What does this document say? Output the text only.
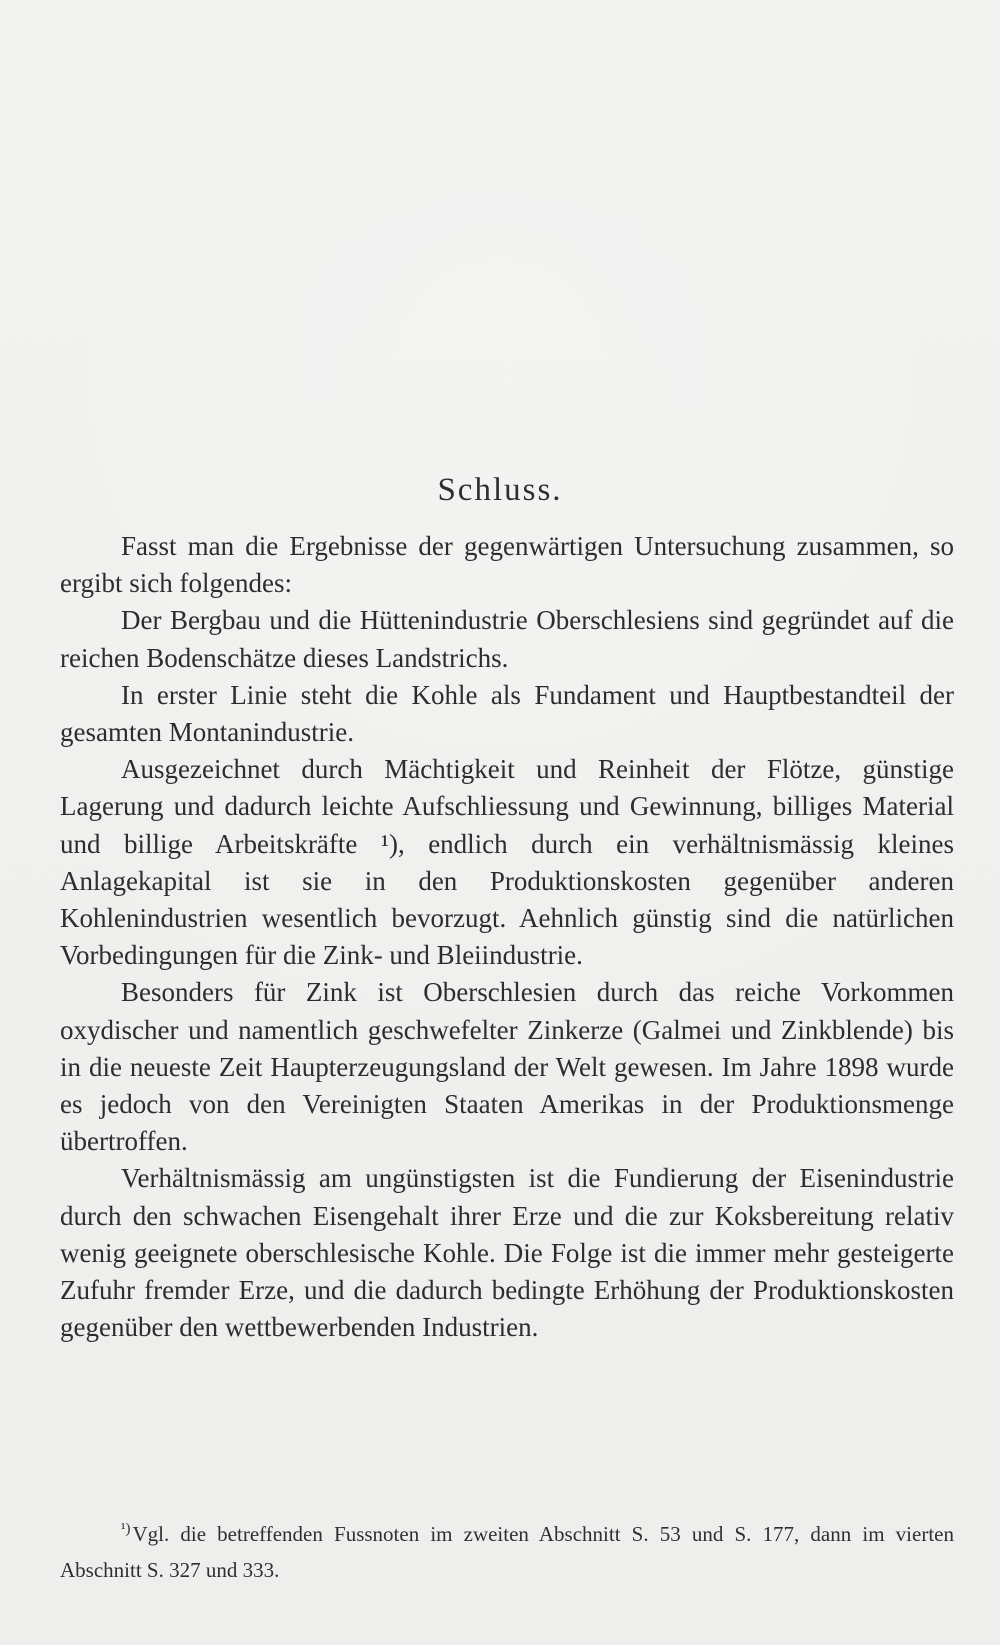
Schluss.

Fasst man die Ergebnisse der gegenwärtigen Untersuchung zusammen, so ergibt sich folgendes:

Der Bergbau und die Hüttenindustrie Oberschlesiens sind gegründet auf die reichen Bodenschätze dieses Landstrichs.

In erster Linie steht die Kohle als Fundament und Hauptbestandteil der gesamten Montanindustrie.

Ausgezeichnet durch Mächtigkeit und Reinheit der Flötze, günstige Lagerung und dadurch leichte Aufschliessung und Gewinnung, billiges Material und billige Arbeitskräfte ¹), endlich durch ein verhältnismässig kleines Anlagekapital ist sie in den Produktionskosten gegenüber anderen Kohlenindustrien wesentlich bevorzugt. Aehnlich günstig sind die natürlichen Vorbedingungen für die Zink- und Bleiindustrie.

Besonders für Zink ist Oberschlesien durch das reiche Vorkommen oxydischer und namentlich geschwefelter Zinkerze (Galmei und Zinkblende) bis in die neueste Zeit Haupterzeugungsland der Welt gewesen. Im Jahre 1898 wurde es jedoch von den Vereinigten Staaten Amerikas in der Produktionsmenge übertroffen.

Verhältnismässig am ungünstigsten ist die Fundierung der Eisenindustrie durch den schwachen Eisengehalt ihrer Erze und die zur Koksbereitung relativ wenig geeignete oberschlesische Kohle. Die Folge ist die immer mehr gesteigerte Zufuhr fremder Erze, und die dadurch bedingte Erhöhung der Produktionskosten gegenüber den wettbewerbenden Industrien.

$^{^1)}$Vgl. die betreffenden Fussnoten im zweiten Abschnitt S. 53 und S. 177, dann im vierten Abschnitt S. 327 und 333.
